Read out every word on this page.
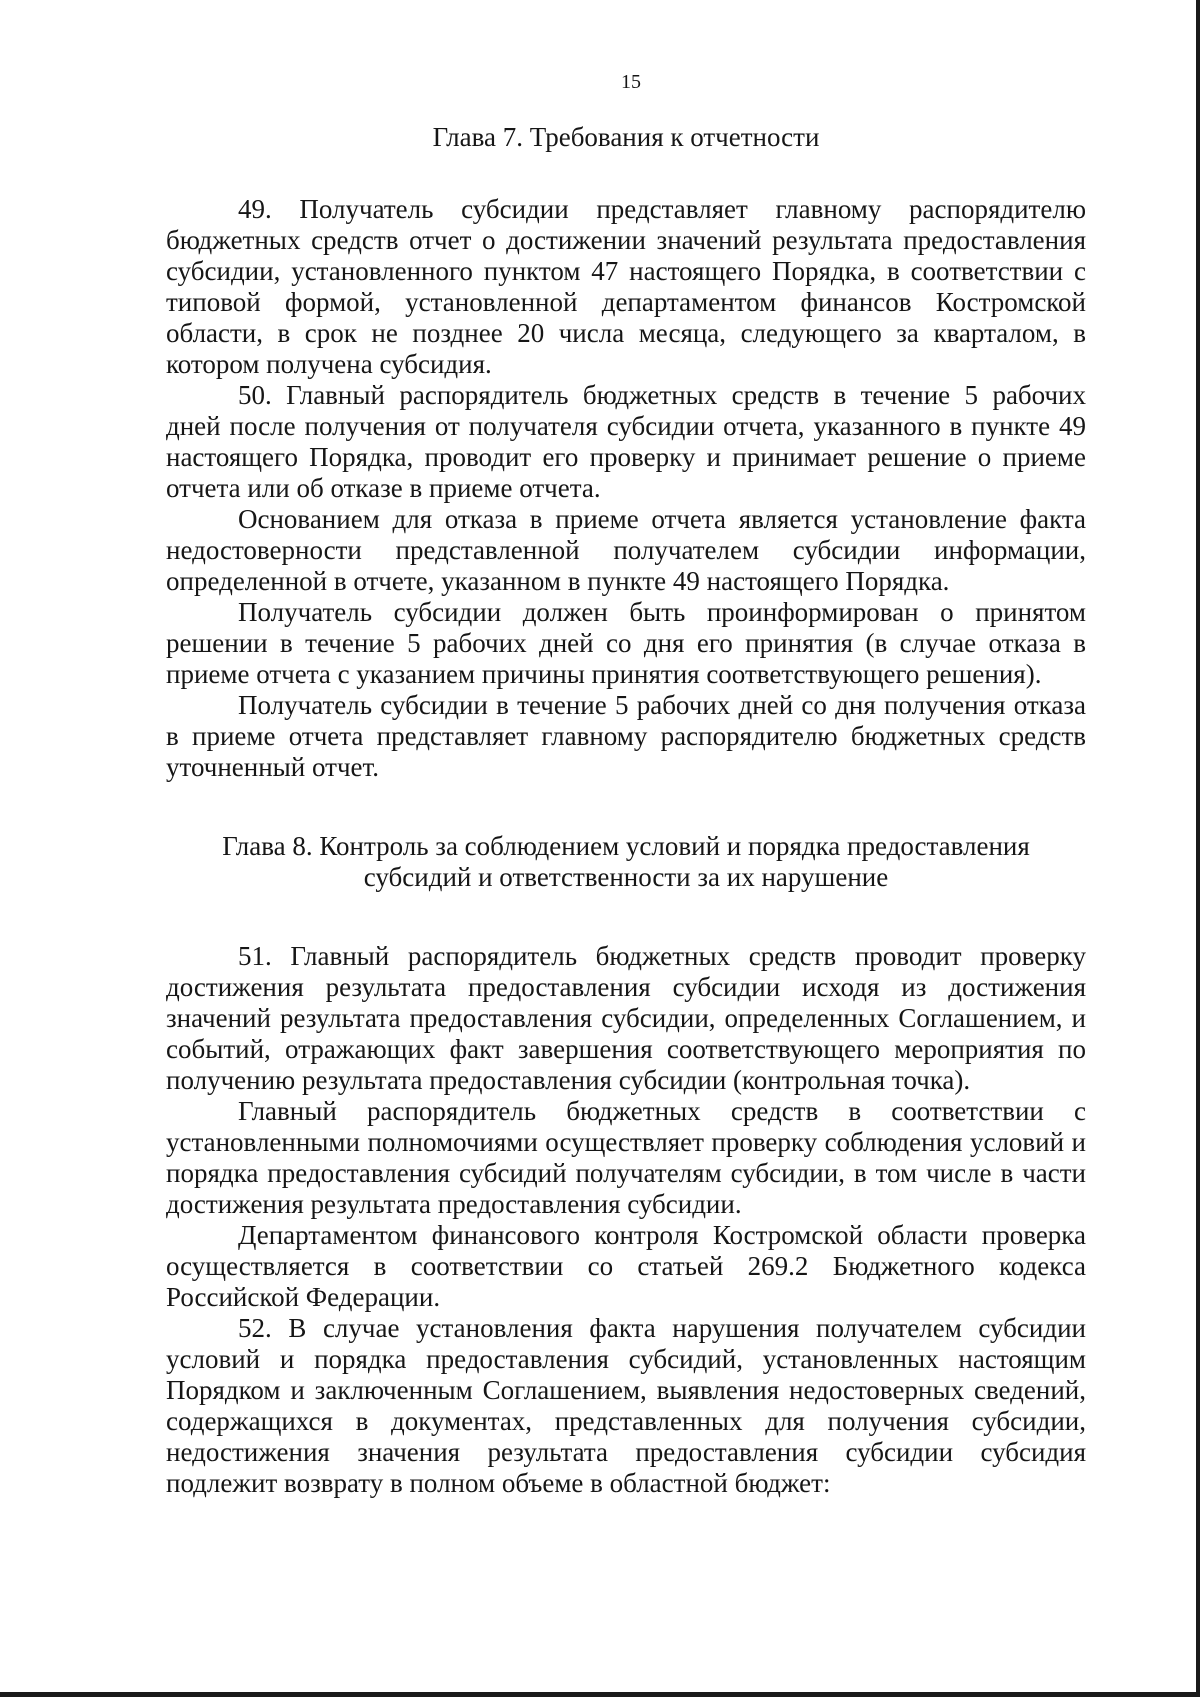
15
Глава 7. Требования к отчетности

49. Получатель субсидии представляет главному распорядителю бюджетных средств отчет о достижении значений результата предоставления субсидии, установленного пунктом 47 настоящего Порядка, в соответствии с типовой формой, установленной департаментом финансов Костромской области, в срок не позднее 20 числа месяца, следующего за кварталом, в котором получена субсидия.

50. Главный распорядитель бюджетных средств в течение 5 рабочих дней после получения от получателя субсидии отчета, указанного в пункте 49 настоящего Порядка, проводит его проверку и принимает решение о приеме отчета или об отказе в приеме отчета.

Основанием для отказа в приеме отчета является установление факта недостоверности представленной получателем субсидии информации, определенной в отчете, указанном в пункте 49 настоящего Порядка.

Получатель субсидии должен быть проинформирован о принятом решении в течение 5 рабочих дней со дня его принятия (в случае отказа в приеме отчета с указанием причины принятия соответствующего решения).

Получатель субсидии в течение 5 рабочих дней со дня получения отказа в приеме отчета представляет главному распорядителю бюджетных средств уточненный отчет.

Глава 8. Контроль за соблюдением условий и порядка предоставления
субсидий и ответственности за их нарушение

51. Главный распорядитель бюджетных средств проводит проверку достижения результата предоставления субсидии исходя из достижения значений результата предоставления субсидии, определенных Соглашением, и событий, отражающих факт завершения соответствующего мероприятия по получению результата предоставления субсидии (контрольная точка).

Главный распорядитель бюджетных средств в соответствии с установленными полномочиями осуществляет проверку соблюдения условий и порядка предоставления субсидий получателям субсидии, в том числе в части достижения результата предоставления субсидии.

Департаментом финансового контроля Костромской области проверка осуществляется в соответствии со статьей 269.2 Бюджетного кодекса Российской Федерации.

52. В случае установления факта нарушения получателем субсидии условий и порядка предоставления субсидий, установленных настоящим Порядком и заключенным Соглашением, выявления недостоверных сведений, содержащихся в документах, представленных для получения субсидии, недостижения значения результата предоставления субсидии субсидия подлежит возврату в полном объеме в областной бюджет:
